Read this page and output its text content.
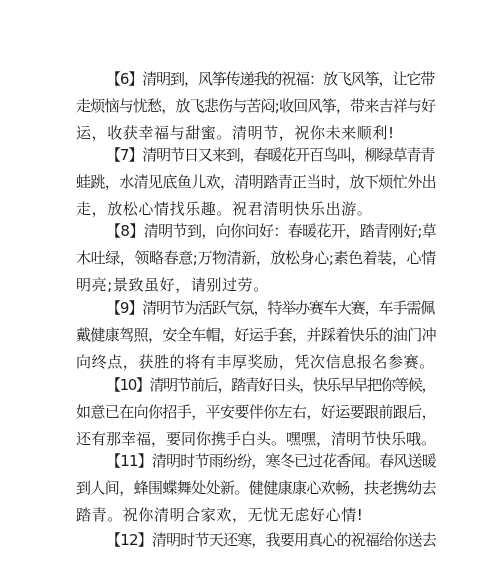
【6】清明到，风筝传递我的祝福：放飞风筝，让它带
走烦恼与忧愁，放飞悲伤与苦闷;收回风筝，带来吉祥与好
运，收获幸福与甜蜜。清明节，祝你未来顺利!

【7】清明节日又来到，春暖花开百鸟叫，柳绿草青青
蛙跳，水清见底鱼儿欢，清明踏青正当时，放下烦忙外出
走，放松心情找乐趣。祝君清明快乐出游。

【8】清明节到，向你问好：春暖花开，踏青刚好;草
木吐绿，领略春意;万物清新，放松身心;素色着装，心情
明亮;景致虽好，请别过劳。

【9】清明节为活跃气氛，特举办赛车大赛，车手需佩
戴健康驾照，安全车帽，好运手套，并踩着快乐的油门冲
向终点，获胜的将有丰厚奖励，凭次信息报名参赛。

【10】清明节前后，踏青好日头，快乐早早把你等候，
如意已在向你招手，平安要伴你左右，好运要跟前跟后，
还有那幸福，要同你携手白头。嘿嘿，清明节快乐哦。

【11】清明时节雨纷纷，寒冬已过花香闻。春风送暖
到人间，蜂围蝶舞处处新。健健康康心欢畅，扶老携幼去
踏青。祝你清明合家欢，无忧无虑好心情!

【12】清明时节天还寒，我要用真心的祝福给你送去
